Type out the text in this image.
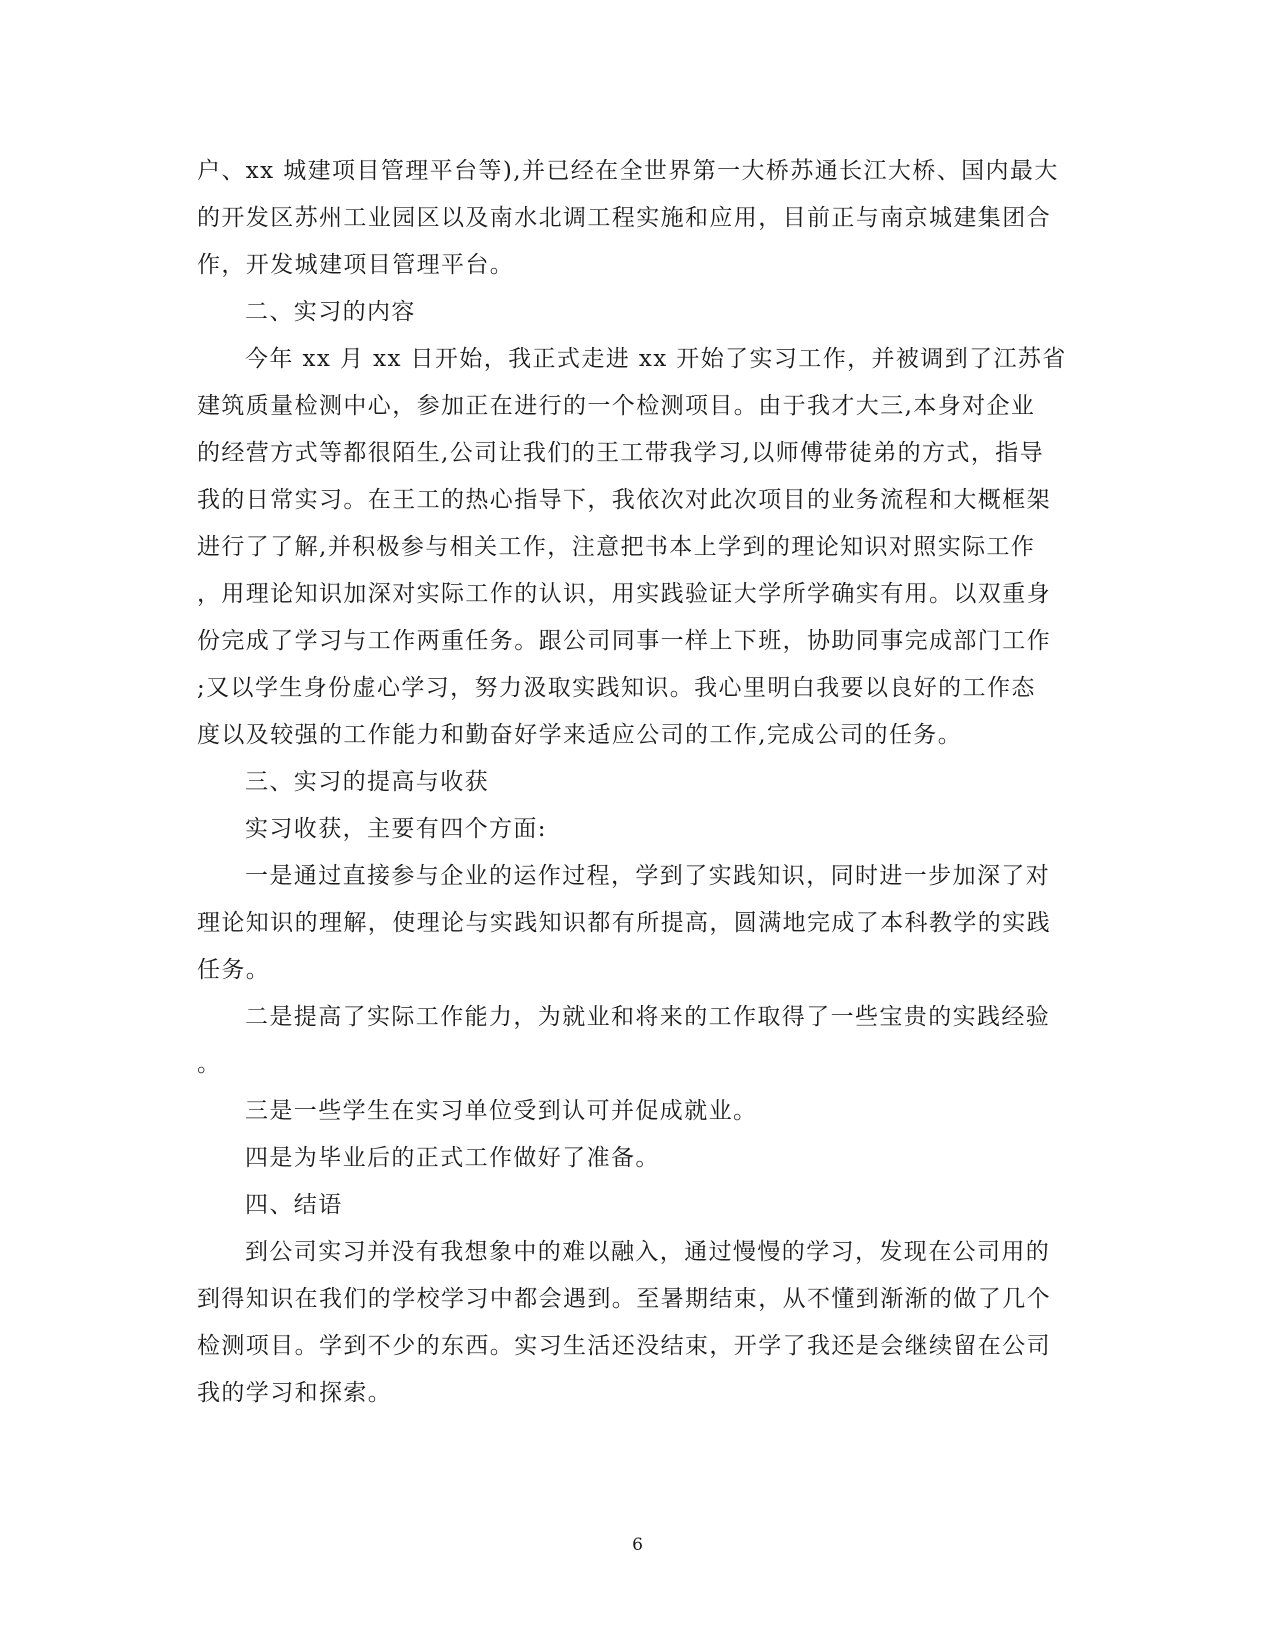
户、xx 城建项目管理平台等),并已经在全世界第一大桥苏通长江大桥、国内最大
的开发区苏州工业园区以及南水北调工程实施和应用，目前正与南京城建集团合
作，开发城建项目管理平台。
二、实习的内容
今年 xx 月 xx 日开始，我正式走进 xx 开始了实习工作，并被调到了江苏省
建筑质量检测中心，参加正在进行的一个检测项目。由于我才大三,本身对企业
的经营方式等都很陌生,公司让我们的王工带我学习,以师傅带徒弟的方式，指导
我的日常实习。在王工的热心指导下，我依次对此次项目的业务流程和大概框架
进行了了解,并积极参与相关工作，注意把书本上学到的理论知识对照实际工作
，用理论知识加深对实际工作的认识，用实践验证大学所学确实有用。以双重身
份完成了学习与工作两重任务。跟公司同事一样上下班，协助同事完成部门工作
;又以学生身份虚心学习，努力汲取实践知识。我心里明白我要以良好的工作态
度以及较强的工作能力和勤奋好学来适应公司的工作,完成公司的任务。
三、实习的提高与收获
实习收获，主要有四个方面:
一是通过直接参与企业的运作过程，学到了实践知识，同时进一步加深了对
理论知识的理解，使理论与实践知识都有所提高，圆满地完成了本科教学的实践
任务。
二是提高了实际工作能力，为就业和将来的工作取得了一些宝贵的实践经验
。
三是一些学生在实习单位受到认可并促成就业。
四是为毕业后的正式工作做好了准备。
四、结语
到公司实习并没有我想象中的难以融入，通过慢慢的学习，发现在公司用的
到得知识在我们的学校学习中都会遇到。至暑期结束，从不懂到渐渐的做了几个
检测项目。学到不少的东西。实习生活还没结束，开学了我还是会继续留在公司
我的学习和探索。
6
